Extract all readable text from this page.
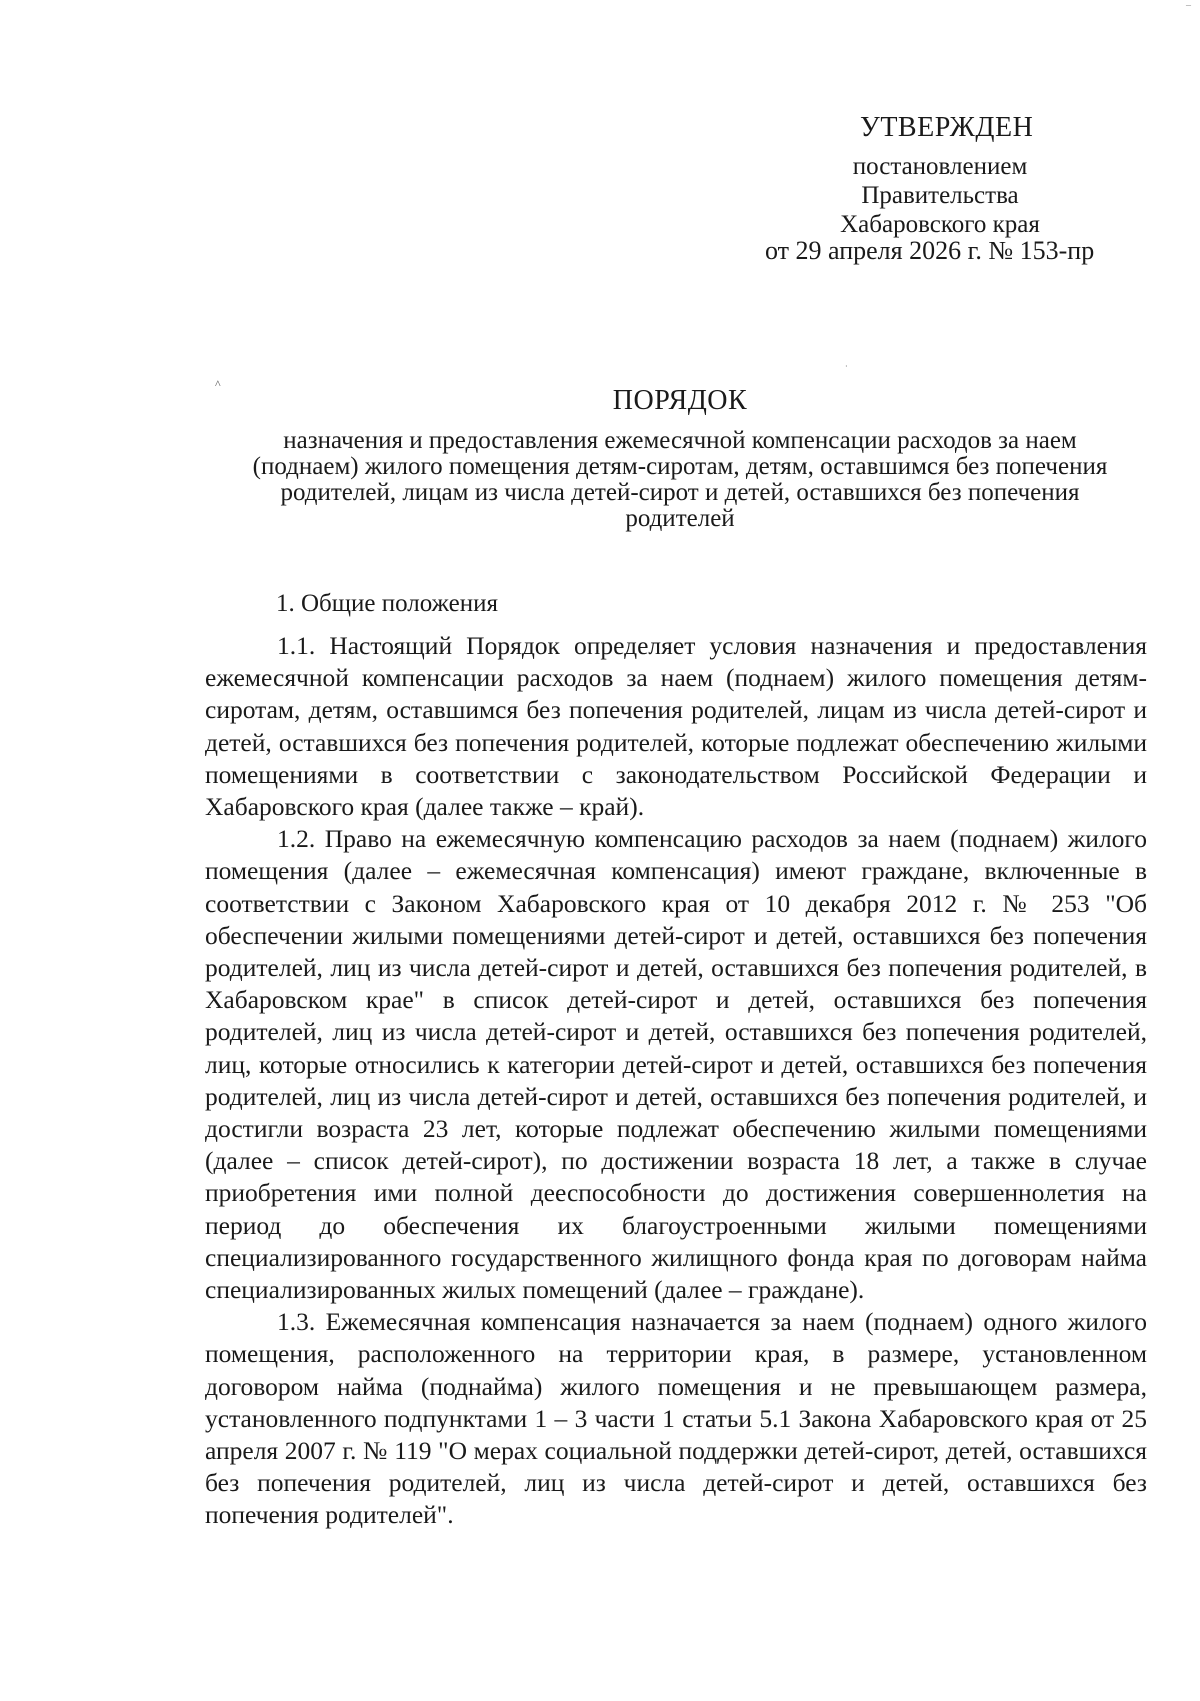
–
УТВЕРЖДЕН
постановлением
Правительства
Хабаровского края
от 29 апреля 2026 г. № 153-пр
^
·
ПОРЯДОК
назначения и предоставления ежемесячной компенсации расходов за наем (поднаем) жилого помещения детям-сиротам, детям, оставшимся без попечения родителей, лицам из числа детей-сирот и детей, оставшихся без попечения родителей
1. Общие положения

1.1. Настоящий Порядок определяет условия назначения и предоставления ежемесячной компенсации расходов за наем (поднаем) жилого помещения детям-сиротам, детям, оставшимся без попечения родителей, лицам из числа детей-сирот и детей, оставшихся без попечения родителей, которые подлежат обеспечению жилыми помещениями в соответствии с законодательством Российской Федерации и Хабаровского края (далее также – край).

1.2. Право на ежемесячную компенсацию расходов за наем (поднаем) жилого помещения (далее – ежемесячная компенсация) имеют граждане, включенные в соответствии с Законом Хабаровского края от 10 декабря 2012 г. № 253 "Об обеспечении жилыми помещениями детей-сирот и детей, оставшихся без попечения родителей, лиц из числа детей-сирот и детей, оставшихся без попечения родителей, в Хабаровском крае" в список детей-сирот и детей, оставшихся без попечения родителей, лиц из числа детей-сирот и детей, оставшихся без попечения родителей, лиц, которые относились к категории детей-сирот и детей, оставшихся без попечения родителей, лиц из числа детей-сирот и детей, оставшихся без попечения родителей, и достигли возраста 23 лет, которые подлежат обеспечению жилыми помещениями (далее – список детей-сирот), по достижении возраста 18 лет, а также в случае приобретения ими полной дееспособности до достижения совершеннолетия на период до обеспечения их благоустроенными жилыми помещениями специализированного государственного жилищного фонда края по договорам найма специализированных жилых помещений (далее – граждане).

1.3. Ежемесячная компенсация назначается за наем (поднаем) одного жилого помещения, расположенного на территории края, в размере, установленном договором найма (поднайма) жилого помещения и не превышающем размера, установленного подпунктами 1 – 3 части 1 статьи 5.1 Закона Хабаровского края от 25 апреля 2007 г. № 119 "О мерах социальной поддержки детей-сирот, детей, оставшихся без попечения родителей, лиц из числа детей-сирот и детей, оставшихся без попечения родителей".
